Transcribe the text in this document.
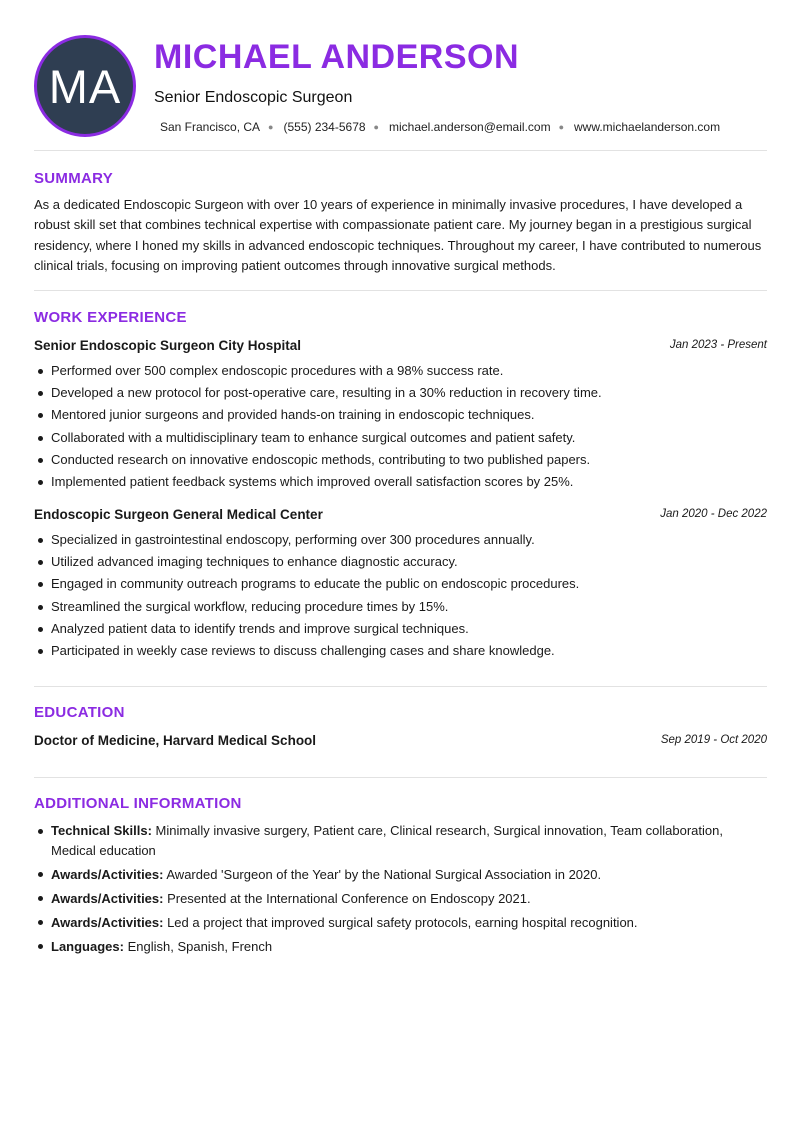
MA
MICHAEL ANDERSON
Senior Endoscopic Surgeon
San Francisco, CA ● (555) 234-5678 ● michael.anderson@email.com ● www.michaelanderson.com
SUMMARY
As a dedicated Endoscopic Surgeon with over 10 years of experience in minimally invasive procedures, I have developed a robust skill set that combines technical expertise with compassionate patient care. My journey began in a prestigious surgical residency, where I honed my skills in advanced endoscopic techniques. Throughout my career, I have contributed to numerous clinical trials, focusing on improving patient outcomes through innovative surgical methods.
WORK EXPERIENCE
Senior Endoscopic Surgeon City Hospital	Jan 2023 - Present
Performed over 500 complex endoscopic procedures with a 98% success rate.
Developed a new protocol for post-operative care, resulting in a 30% reduction in recovery time.
Mentored junior surgeons and provided hands-on training in endoscopic techniques.
Collaborated with a multidisciplinary team to enhance surgical outcomes and patient safety.
Conducted research on innovative endoscopic methods, contributing to two published papers.
Implemented patient feedback systems which improved overall satisfaction scores by 25%.
Endoscopic Surgeon General Medical Center	Jan 2020 - Dec 2022
Specialized in gastrointestinal endoscopy, performing over 300 procedures annually.
Utilized advanced imaging techniques to enhance diagnostic accuracy.
Engaged in community outreach programs to educate the public on endoscopic procedures.
Streamlined the surgical workflow, reducing procedure times by 15%.
Analyzed patient data to identify trends and improve surgical techniques.
Participated in weekly case reviews to discuss challenging cases and share knowledge.
EDUCATION
Doctor of Medicine, Harvard Medical School	Sep 2019 - Oct 2020
ADDITIONAL INFORMATION
Technical Skills: Minimally invasive surgery, Patient care, Clinical research, Surgical innovation, Team collaboration, Medical education
Awards/Activities: Awarded 'Surgeon of the Year' by the National Surgical Association in 2020.
Awards/Activities: Presented at the International Conference on Endoscopy 2021.
Awards/Activities: Led a project that improved surgical safety protocols, earning hospital recognition.
Languages: English, Spanish, French
